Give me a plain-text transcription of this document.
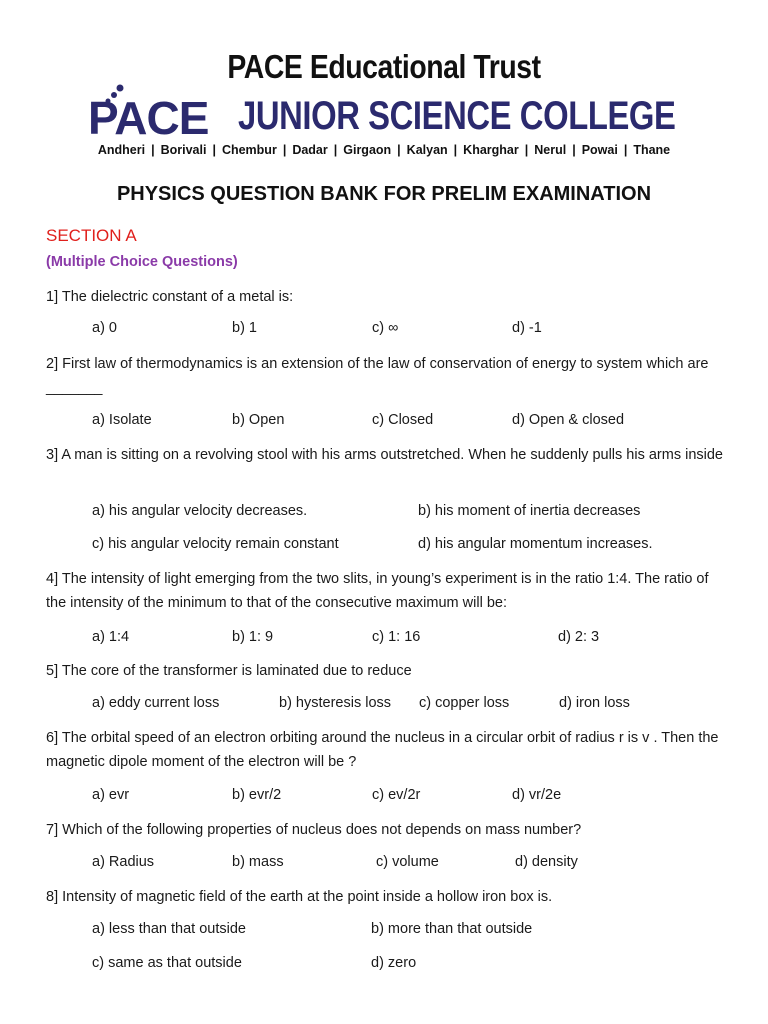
PACE Educational Trust
PACE JUNIOR SCIENCE COLLEGE
Andheri | Borivali | Chembur | Dadar | Girgaon | Kalyan | Kharghar | Nerul | Powai | Thane
PHYSICS QUESTION BANK FOR PRELIM EXAMINATION
SECTION A
(Multiple Choice Questions)
1] The dielectric constant of a metal is:
a) 0	b) 1	c) ∞	d) -1
2] First law of thermodynamics is an extension of the law of conservation of energy to system which are _______
a) Isolate	b) Open	c) Closed	d) Open & closed
3] A man is sitting on a revolving stool with his arms outstretched. When he suddenly pulls his arms inside
a) his angular velocity decreases.	b) his moment of inertia decreases
c) his angular velocity remain constant	d) his angular momentum increases.
4] The intensity of light emerging from the two slits, in young’s experiment is in the ratio 1:4. The ratio of the intensity of the minimum to that of the consecutive maximum will be:
a) 1:4	b) 1: 9	c) 1: 16	d) 2: 3
5] The core of the transformer is laminated due to reduce
a) eddy current loss	b) hysteresis loss c) copper loss	d) iron loss
6] The orbital speed of an electron orbiting around the nucleus in a circular orbit of radius r is v . Then the magnetic dipole moment of the electron will be ?
a) evr	b) evr/2	c) ev/2r	d) vr/2e
7] Which of the following properties of nucleus does not depends on mass number?
a) Radius	b) mass	c) volume	d) density
8] Intensity of magnetic field of the earth at the point inside a hollow iron box is.
a) less than that outside	b) more than that outside
c) same as that outside	d) zero
